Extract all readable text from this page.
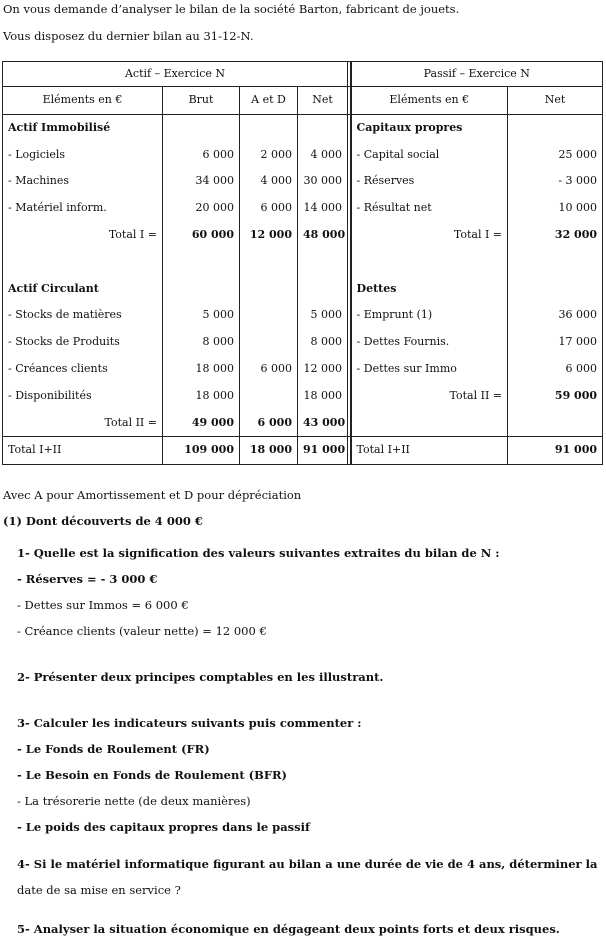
On vous demande d’analyser le bilan de la société Barton, fabricant de jouets.
Vous disposez du dernier bilan au 31-12-N.
Actif – Exercice N					Passif – Exercice N	
Eléments en €	Brut	A et D	Net		Eléments en €	Net
Actif Immobilisé					Capitaux propres	
- Logiciels	6 000	2 000	4 000		- Capital social	25 000
- Machines	34 000	4 000	30 000		- Réserves	- 3 000
- Matériel inform.	20 000	6 000	14 000		- Résultat net	10 000
Total I =	60 000	12 000	48 000		Total I =	32 000

Actif Circulant					Dettes	
- Stocks de matières	5 000		5 000		- Emprunt (1)	36 000
- Stocks de Produits	8 000		8 000		- Dettes Fournis.	17 000
- Créances clients	18 000	6 000	12 000		- Dettes sur Immo	6 000
- Disponibilités	18 000		18 000		Total II =	59 000
Total II =	49 000	6 000	43 000			
Total I+II	109 000	18 000	91 000		Total I+II	91 000
Avec A pour Amortissement et D pour dépréciation
(1) Dont découverts de 4 000 €
1- Quelle est la signification des valeurs suivantes extraites du bilan de N :
- Réserves = - 3 000 €
- Dettes sur Immos = 6 000 €
- Créance clients (valeur nette) = 12 000 €
2- Présenter deux principes comptables en les illustrant.
3- Calculer les indicateurs suivants puis commenter :
- Le Fonds de Roulement (FR)
- Le Besoin en Fonds de Roulement (BFR)
- La trésorerie nette (de deux manières)
- Le poids des capitaux propres dans le passif
4- Si le matériel informatique figurant au bilan a une durée de vie de 4 ans, déterminer la
date de sa mise en service ?
5- Analyser la situation économique en dégageant deux points forts et deux risques.
